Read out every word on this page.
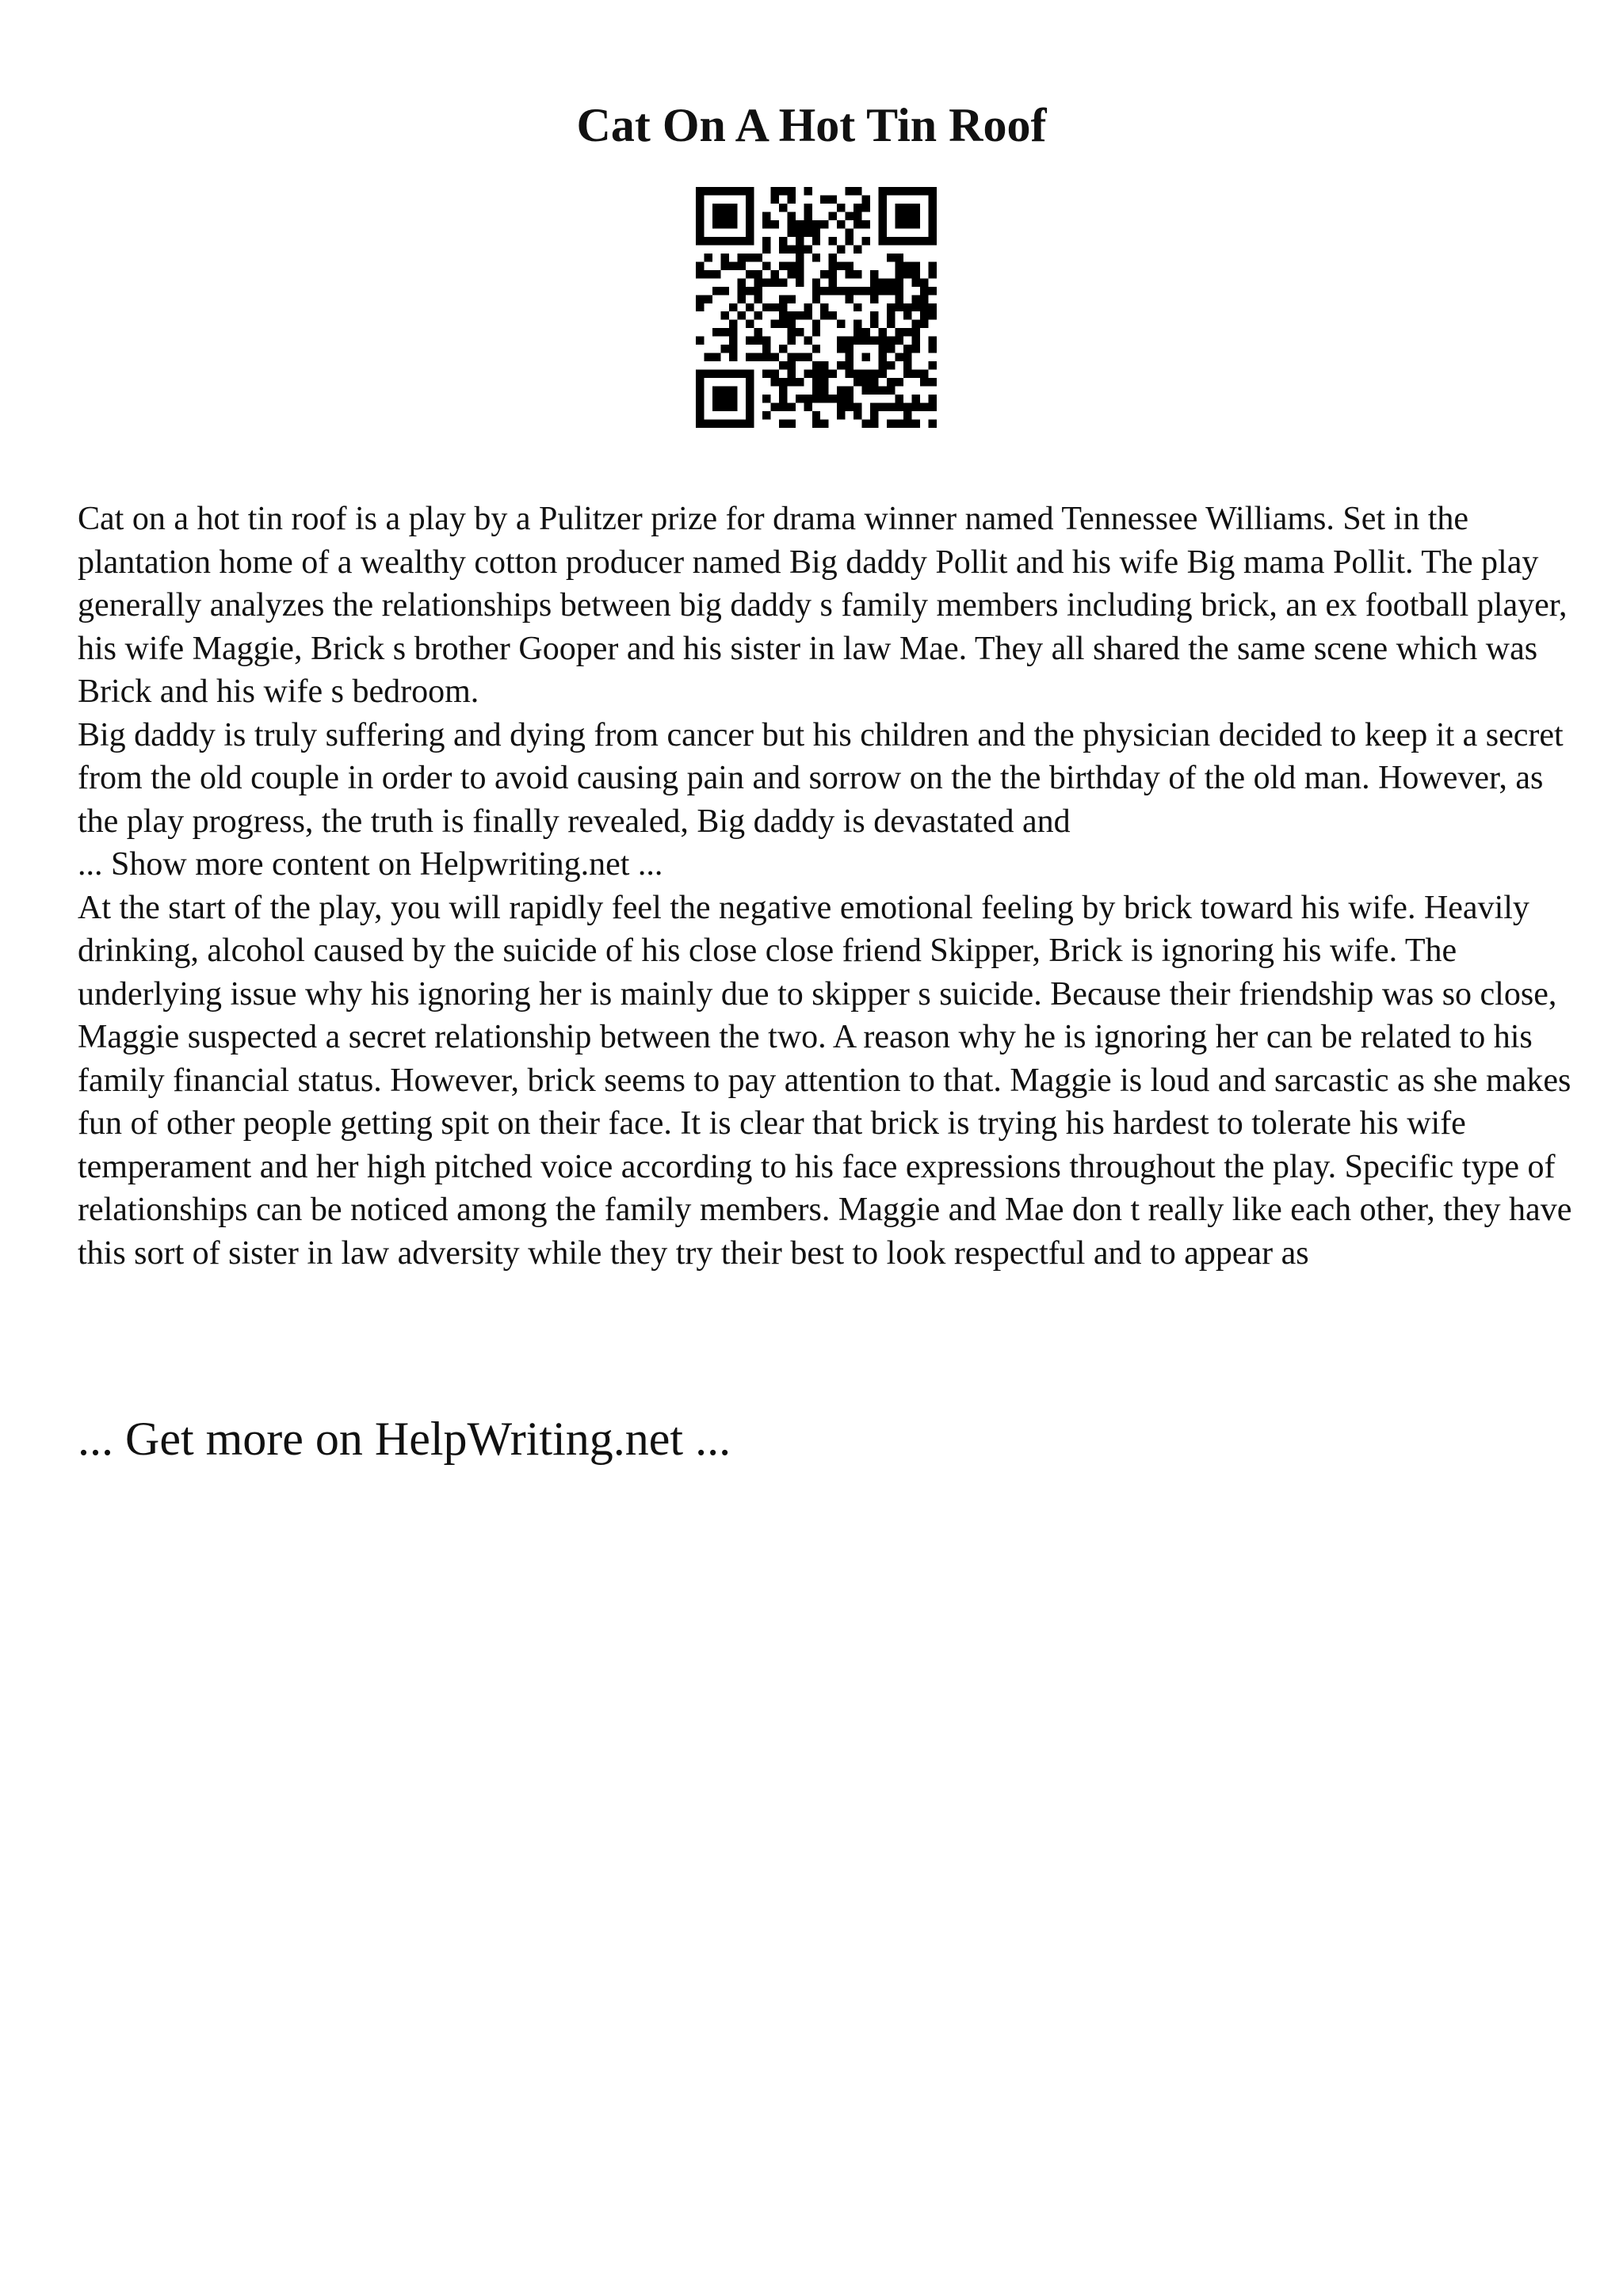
Cat On A Hot Tin Roof

Cat on a hot tin roof is a play by a Pulitzer prize for drama winner named Tennessee Williams. Set in the plantation home of a wealthy cotton producer named Big daddy Pollit and his wife Big mama Pollit. The play generally analyzes the relationships between big daddy s family members including brick, an ex football player, his wife Maggie, Brick s brother Gooper and his sister in law Mae. They all shared the same scene which was Brick and his wife s bedroom.

Big daddy is truly suffering and dying from cancer but his children and the physician decided to keep it a secret from the old couple in order to avoid causing pain and sorrow on the the birthday of the old man. However, as the play progress, the truth is finally revealed, Big daddy is devastated and

... Show more content on Helpwriting.net ...

At the start of the play, you will rapidly feel the negative emotional feeling by brick toward his wife. Heavily drinking, alcohol caused by the suicide of his close close friend Skipper, Brick is ignoring his wife. The underlying issue why his ignoring her is mainly due to skipper s suicide. Because their friendship was so close, Maggie suspected a secret relationship between the two. A reason why he is ignoring her can be related to his family financial status. However, brick seems to pay attention to that. Maggie is loud and sarcastic as she makes fun of other people getting spit on their face. It is clear that brick is trying his hardest to tolerate his wife temperament and her high pitched voice according to his face expressions throughout the play. Specific type of relationships can be noticed among the family members. Maggie and Mae don t really like each other, they have this sort of sister in law adversity while they try their best to look respectful and to appear as

... Get more on HelpWriting.net ...
